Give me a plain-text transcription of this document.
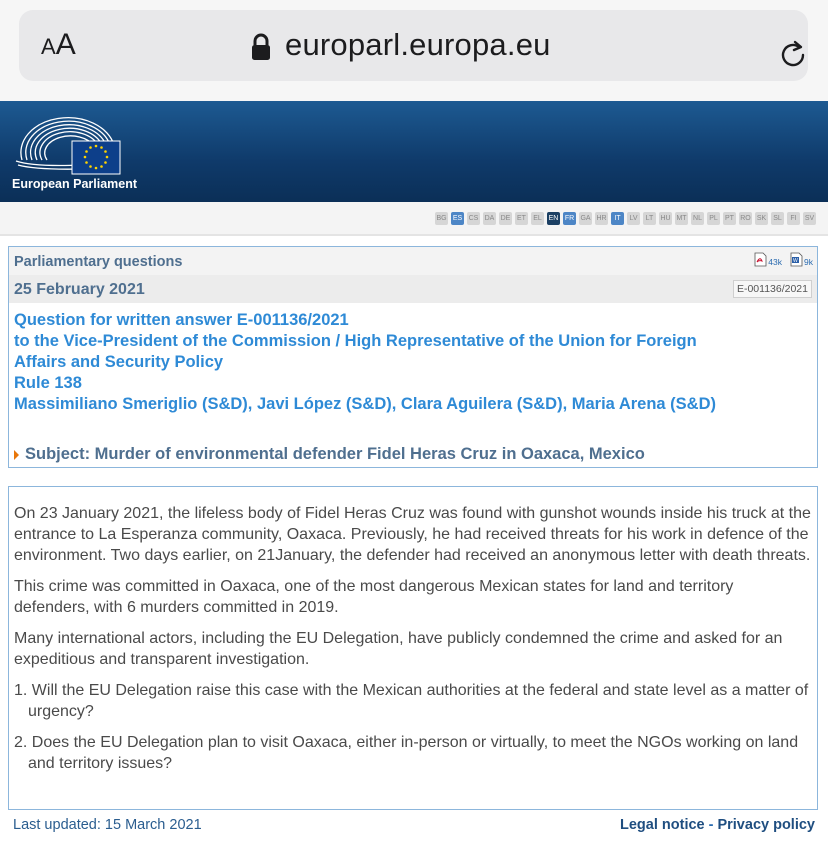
AA	europarl.europa.eu
European Parliament
BG ES CS DA DE ET	EL EN FR GA HR	IT	LV	LT	HU MT NL	PL	PT RO SK	SL	FI	SV
Parliamentary questions	43k W 9k
25 February 2021	E-001136/2021
Question for written answer E-001136/2021
to the Vice-President of the Commission / High Representative of the Union for Foreign Affairs and Security Policy
Rule 138
Massimiliano Smeriglio (S&D), Javi López (S&D), Clara Aguilera (S&D), Maria Arena (S&D)
Subject: Murder of environmental defender Fidel Heras Cruz in Oaxaca, Mexico

On 23 January 2021, the lifeless body of Fidel Heras Cruz was found with gunshot wounds inside his truck at the entrance to La Esperanza community, Oaxaca. Previously, he had received threats for his work in defence of the environment. Two days earlier, on 21January, the defender had received an anonymous letter with death threats.

This crime was committed in Oaxaca, one of the most dangerous Mexican states for land and territory defenders, with 6 murders committed in 2019.

Many international actors, including the EU Delegation, have publicly condemned the crime and asked for an expeditious and transparent investigation.

1. Will the EU Delegation raise this case with the Mexican authorities at the federal and state level as a matter of urgency?

2. Does the EU Delegation plan to visit Oaxaca, either in-person or virtually, to meet the NGOs working on land and territory issues?

Last updated: 15 March 2021	Legal notice - Privacy policy
